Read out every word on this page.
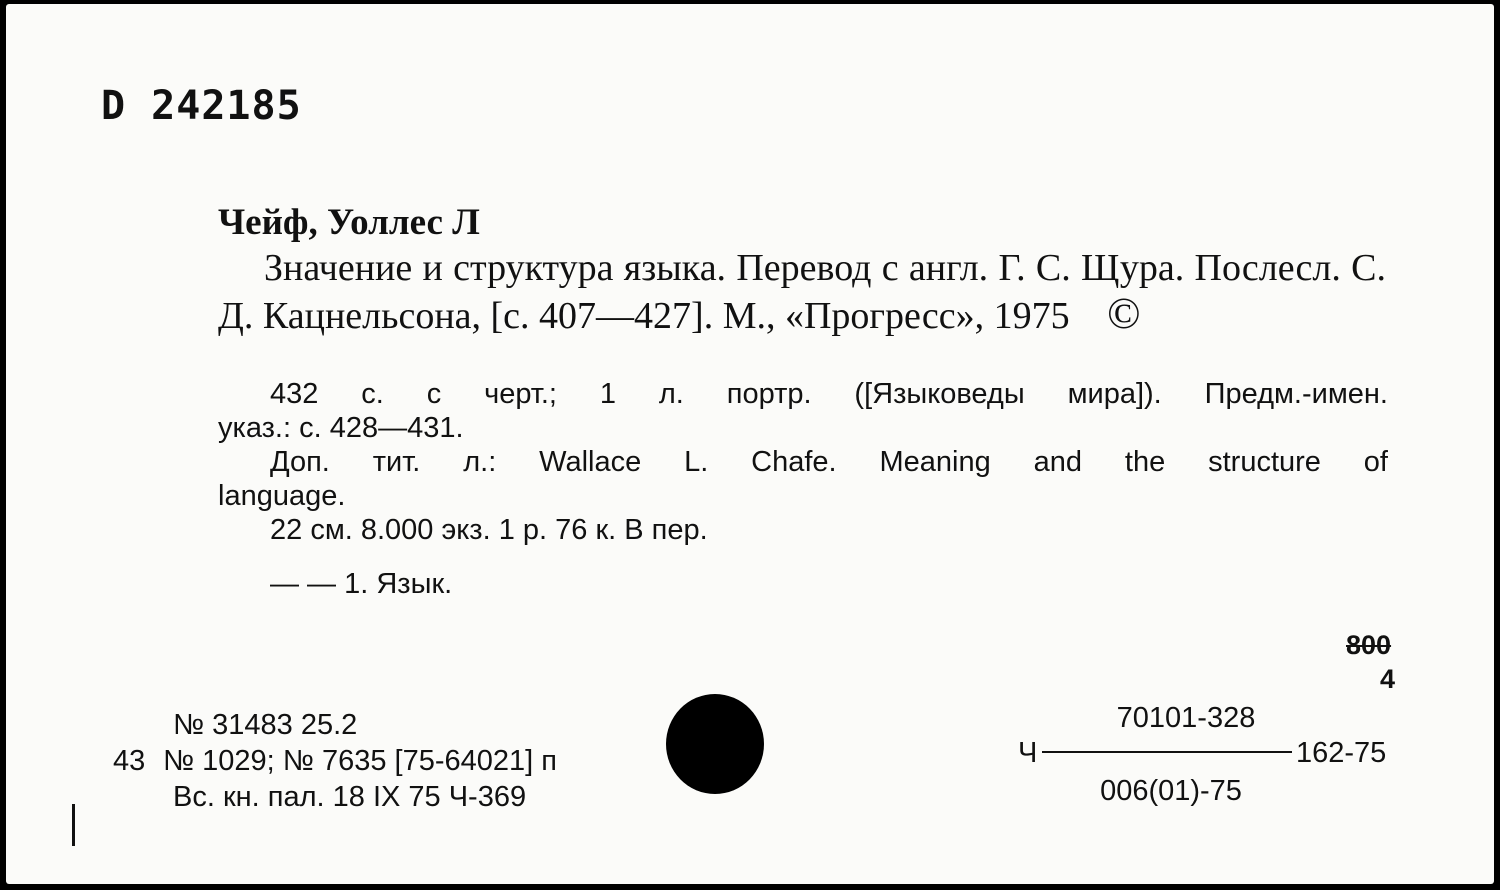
D 242185
Чейф, Уоллес Л
Значение и структура языка. Перевод с англ. Г. С. Щура. Послесл. С. Д. Кацнельсона, [с. 407—427]. М., «Прогресс», 1975 ©
432 с. с черт.; 1 л. портр. ([Языковеды мира]). Предм.-имен.
указ.: с. 428—431.
Доп. тит. л.: Wallace L. Chafe. Meaning and the structure of
language.
22 см. 8.000 экз. 1 р. 76 к. В пер.
— — 1. Язык.
800
4
№ 31483 25.2
43 № 1029; № 7635 [75-64021] п
Вс. кн. пал. 18 IX 75 Ч-369
70101-328
Ч	162-75
006(01)-75
